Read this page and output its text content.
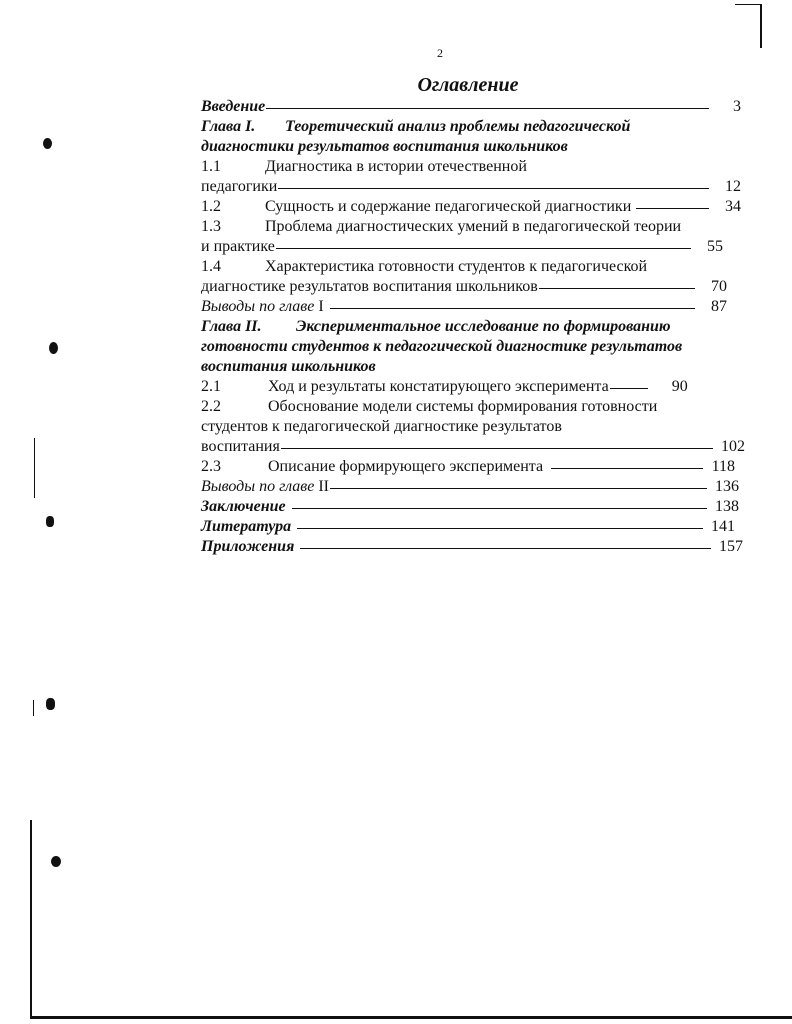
2
Оглавление
Введение	3
Глава I.	Теоретический анализ проблемы педагогической
диагностики результатов воспитания школьников
1.1	Диагностика в истории отечественной
педагогики	12
1.2	Сущность и содержание педагогической диагностики	34
1.3	Проблема диагностических умений в педагогической теории
и практике	55
1.4	Характеристика готовности студентов к педагогической
диагностике результатов воспитания школьников	70
Выводы по главе I	87
Глава II.	Экспериментальное исследование по формированию
готовности студентов к педагогической диагностике результатов
воспитания школьников
2.1	Ход и результаты констатирующего эксперимента	90
2.2	Обоснование модели системы формирования готовности
студентов к педагогической диагностике результатов
воспитания	102
2.3	Описание формирующего эксперимента	118
Выводы по главе II	136
Заключение	138
Литература	141
Приложения	157
